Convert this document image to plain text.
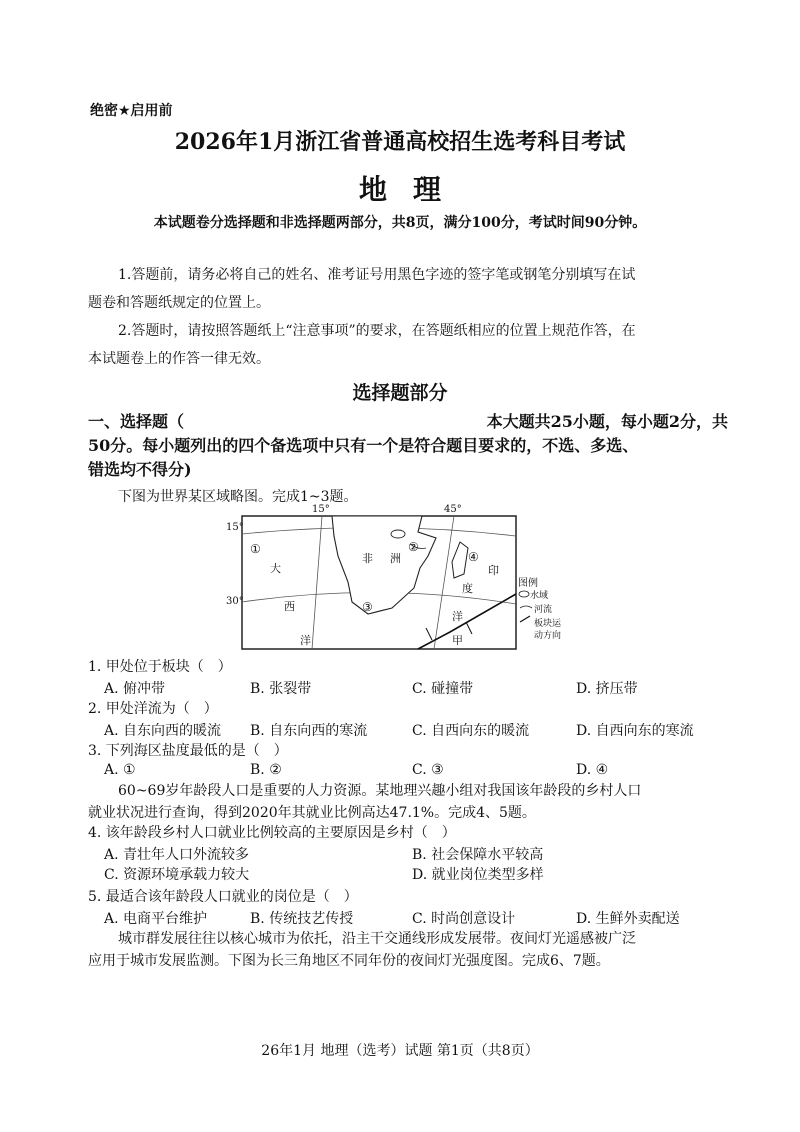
绝密★启用前
2026年1月浙江省普通高校招生选考科目考试
地理
本试题卷分选择题和非选择题两部分，共8页，满分100分，考试时间90分钟。
1.答题前，请务必将自己的姓名、准考证号用黑色字迹的签字笔或钢笔分别填写在试
题卷和答题纸规定的位置上。
2.答题时，请按照答题纸上“注意事项”的要求，在答题纸相应的位置上规范作答，在
本试题卷上的作答一律无效。
选择题部分
一、选择题（	本大题共25小题，每小题2分，共
50分。每小题列出的四个备选项中只有一个是符合题目要求的，不选、多选、
错选均不得分)
下图为世界某区域略图。完成1~3题。
15°
30°
15°	45°
①	②
③
④
大
西
洋
非 洲
印
度
洋
甲
图例
水域
河流
板块运
动方向
1. 甲处位于板块（　）
A. 俯冲带	B. 张裂带	C. 碰撞带	D. 挤压带
2. 甲处洋流为（　）
A. 自东向西的暖流 B. 自东向西的寒流	C. 自西向东的暖流	D. 自西向东的寒流
3. 下列海区盐度最低的是（　）
A. ①	B. ②	C. ③	D. ④
60~69岁年龄段人口是重要的人力资源。某地理兴趣小组对我国该年龄段的乡村人口
就业状况进行查询，得到2020年其就业比例高达47.1%。完成4、5题。
4. 该年龄段乡村人口就业比例较高的主要原因是乡村（　）
A. 青壮年人口外流较多	B. 社会保障水平较高
C. 资源环境承载力较大	D. 就业岗位类型多样
5. 最适合该年龄段人口就业的岗位是（　）
A. 电商平台维护	B. 传统技艺传授	C. 时尚创意设计	D. 生鲜外卖配送
城市群发展往往以核心城市为依托，沿主干交通线形成发展带。夜间灯光遥感被广泛
应用于城市发展监测。下图为长三角地区不同年份的夜间灯光强度图。完成6、7题。
26年1月 地理（选考）试题 第1页（共8页）
